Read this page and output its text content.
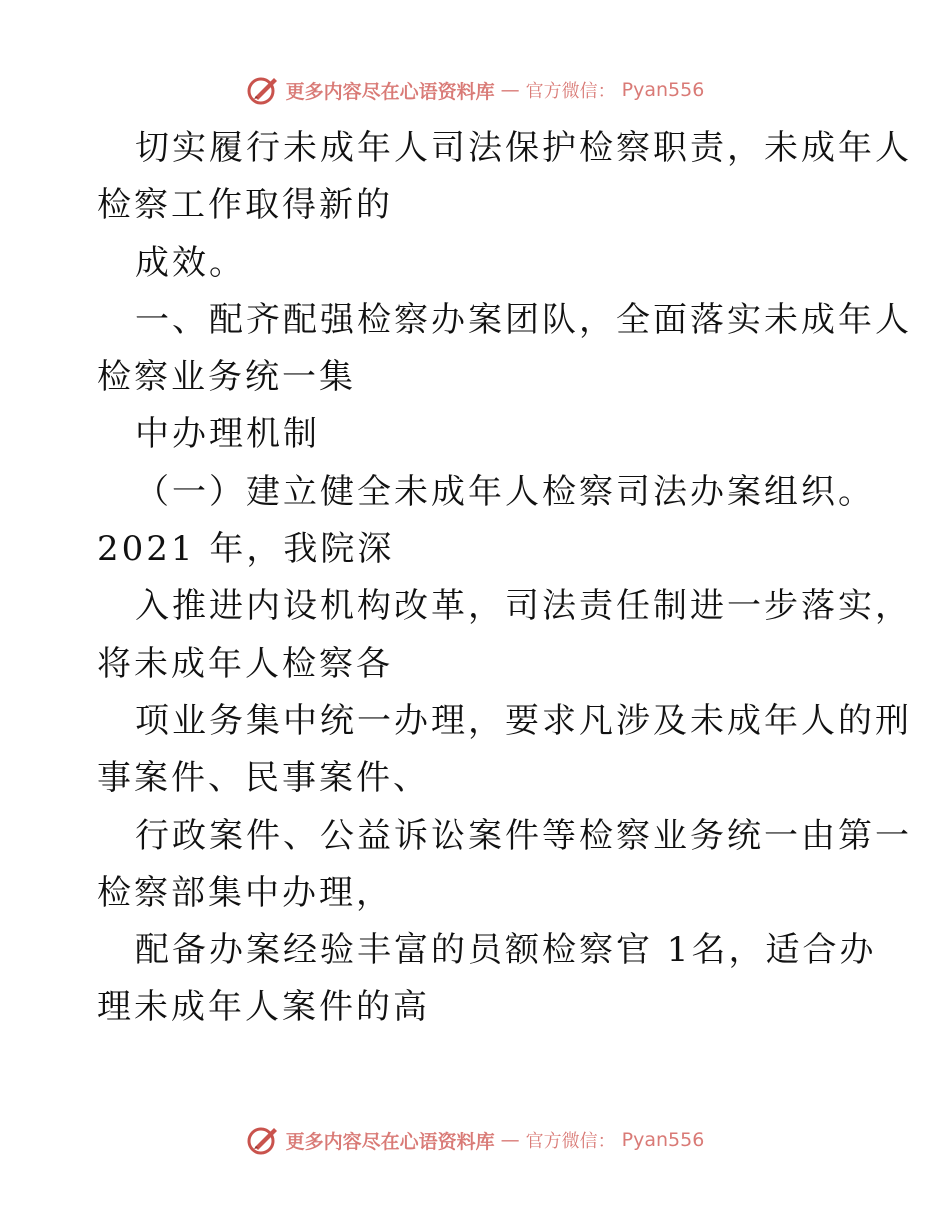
更多内容尽在心语资料库 — 官方微信： Pyan556
切实履行未成年人司法保护检察职责，未成年人
检察工作取得新的
成效。
一、配齐配强检察办案团队，全面落实未成年人
检察业务统一集
中办理机制
（一）建立健全未成年人检察司法办案组织。
2021 年，我院深
入推进内设机构改革，司法责任制进一步落实，
将未成年人检察各
项业务集中统一办理，要求凡涉及未成年人的刑
事案件、民事案件、
行政案件、公益诉讼案件等检察业务统一由第一
检察部集中办理，
配备办案经验丰富的员额检察官 1名，适合办
理未成年人案件的高
更多内容尽在心语资料库 — 官方微信： Pyan556
